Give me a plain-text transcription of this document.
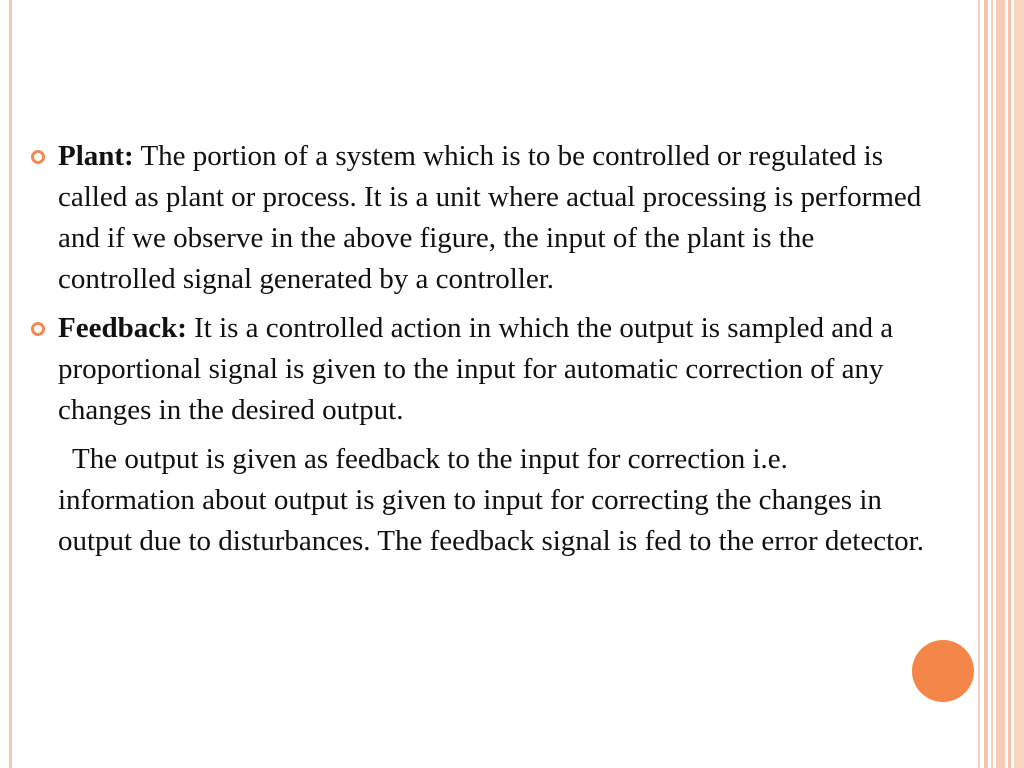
Plant: The portion of a system which is to be controlled or regulated is called as plant or process. It is a unit where actual processing is performed and if we observe in the above figure, the input of the plant is the controlled signal generated by a controller.
Feedback: It is a controlled action in which the output is sampled and a proportional signal is given to the input for automatic correction of any changes in the desired output.

The output is given as feedback to the input for correction i.e. information about output is given to input for correcting the changes in output due to disturbances. The feedback signal is fed to the error detector.
